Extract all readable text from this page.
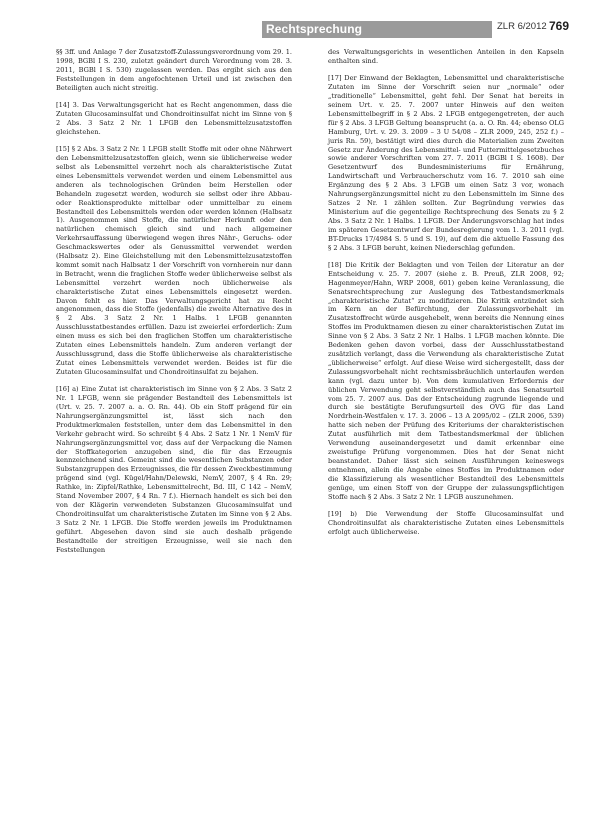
Rechtsprechung	ZLR 6/2012 769

§§ 3ff. und Anlage 7 der Zusatzstoff-Zulassungsverordnung vom 29. 1. 1998, BGBl I S. 230, zuletzt geändert durch Verordnung vom 28. 3. 2011, BGBl I S. 530) zugelassen werden. Das ergibt sich aus den Feststellungen in dem angefochtenen Urteil und ist zwischen den Beteiligten auch nicht streitig.

[14] 3. Das Verwaltungsgericht hat es Recht angenommen, dass die Zutaten Glucosaminsulfat und Chondroitinsulfat nicht im Sinne von § 2 Abs. 3 Satz 2 Nr. 1 LFGB den Lebensmittelzusatzstoffen gleichstehen.

[15] § 2 Abs. 3 Satz 2 Nr. 1 LFGB stellt Stoffe mit oder ohne Nährwert den Lebensmittelzusatzstoffen gleich, wenn sie üblicherweise weder selbst als Lebensmittel verzehrt noch als charakteristische Zutat eines Lebensmittels verwendet werden und einem Lebensmittel aus anderen als technologischen Gründen beim Herstellen oder Behandeln zugesetzt werden, wodurch sie selbst oder ihre Abbau- oder Reaktionsprodukte mittelbar oder unmittelbar zu einem Bestandteil des Lebensmittels werden oder werden können (Halbsatz 1). Ausgenommen sind Stoffe, die natürlicher Herkunft oder den natürlichen chemisch gleich sind und nach allgemeiner Verkehrsauffassung überwiegend wegen ihres Nähr-, Geruchs- oder Geschmackswertes oder als Genussmittel verwendet werden (Halbsatz 2). Eine Gleichstellung mit den Lebensmittelzusatzstoffen kommt somit nach Halbsatz 1 der Vorschrift von vornherein nur dann in Betracht, wenn die fraglichen Stoffe weder üblicherweise selbst als Lebensmittel verzehrt werden noch üblicherweise als charakteristische Zutat eines Lebensmittels eingesetzt werden. Davon fehlt es hier. Das Verwaltungsgericht hat zu Recht angenommen, dass die Stoffe (jedenfalls) die zweite Alternative des in § 2 Abs. 3 Satz 2 Nr. 1 Halbs. 1 LFGB genannten Ausschlusstatbestandes erfüllen. Dazu ist zweierlei erforderlich: Zum einen muss es sich bei den fraglichen Stoffen um charakteristische Zutaten eines Lebensmittels handeln. Zum anderen verlangt der Ausschlussgrund, dass die Stoffe üblicherweise als charakteristische Zutat eines Lebensmittels verwendet werden. Beides ist für die Zutaten Glucosaminsulfat und Chondroitinsulfat zu bejahen.

[16] a) Eine Zutat ist charakteristisch im Sinne von § 2 Abs. 3 Satz 2 Nr. 1 LFGB, wenn sie prägender Bestandteil des Lebensmittels ist (Urt. v. 25. 7. 2007 a. a. O. Rn. 44). Ob ein Stoff prägend für ein Nahrungsergänzungsmittel ist, lässt sich nach den Produktmerkmalen feststellen, unter dem das Lebensmittel in den Verkehr gebracht wird. So schreibt § 4 Abs. 2 Satz 1 Nr. 1 NemV für Nahrungsergänzungsmittel vor, dass auf der Verpackung die Namen der Stoffkategorien anzugeben sind, die für das Erzeugnis kennzeichnend sind. Gemeint sind die wesentlichen Substanzen oder Substanzgruppen des Erzeugnisses, die für dessen Zweckbestimmung prägend sind (vgl. Kügel/Hahn/Delewski, NemV, 2007, § 4 Rn. 29; Rathke, in: Zipfel/Rathke, Lebensmittelrecht, Bd. III, C 142 – NemV, Stand November 2007, § 4 Rn. 7 f.). Hiernach handelt es sich bei den von der Klägerin verwendeten Substanzen Glucosaminsulfat und Chondroitinsulfat um charakteristische Zutaten im Sinne von § 2 Abs. 3 Satz 2 Nr. 1 LFGB. Die Stoffe werden jeweils im Produktnamen geführt. Abgesehen davon sind sie auch deshalb prägende Bestandteile der streitigen Erzeugnisse, weil sie nach den Feststellungen

des Verwaltungsgerichts in wesentlichen Anteilen in den Kapseln enthalten sind.

[17] Der Einwand der Beklagten, Lebensmittel und charakteristische Zutaten im Sinne der Vorschrift seien nur „normale“ oder „traditionelle“ Lebensmittel, geht fehl. Der Senat hat bereits in seinem Urt. v. 25. 7. 2007 unter Hinweis auf den weiten Lebensmittelbegriff in § 2 Abs. 2 LFGB entgegengetreten, der auch für § 2 Abs. 3 LFGB Geltung beansprucht (a. a. O. Rn. 44; ebenso OLG Hamburg, Urt. v. 29. 3. 2009 – 3 U 54/08 – ZLR 2009, 245, 252 f.) – juris Rn. 59), bestätigt wird dies durch die Materialien zum Zweiten Gesetz zur Änderung des Lebensmittel- und Futtermittelgesetzbuches sowie anderer Vorschriften vom 27. 7. 2011 (BGBl I S. 1608). Der Gesetzentwurf des Bundesministeriums für Ernährung, Landwirtschaft und Verbraucherschutz vom 16. 7. 2010 sah eine Ergänzung des § 2 Abs. 3 LFGB um einen Satz 3 vor, wonach Nahrungsergänzungsmittel nicht zu den Lebensmitteln im Sinne des Satzes 2 Nr. 1 zählen sollten. Zur Begründung verwies das Ministerium auf die gegenteilige Rechtsprechung des Senats zu § 2 Abs. 3 Satz 2 Nr. 1 Halbs. 1 LFGB. Der Änderungsvorschlag hat indes im späteren Gesetzentwurf der Bundesregierung vom 1. 3. 2011 (vgl. BT-Drucks 17/4984 S. 5 und S. 19), auf dem die aktuelle Fassung des § 2 Abs. 3 LFGB beruht, keinen Niederschlag gefunden.

[18] Die Kritik der Beklagten und von Teilen der Literatur an der Entscheidung v. 25. 7. 2007 (siehe z. B. Preuß, ZLR 2008, 92; Hagenmeyer/Hahn, WRP 2008, 601) geben keine Veranlassung, die Senatsrechtsprechung zur Auslegung des Tatbestandsmerkmals „charakteristische Zutat“ zu modifizieren. Die Kritik entzündet sich im Kern an der Befürchtung, der Zulassungsvorbehalt im Zusatzstoffrecht würde ausgehebelt, wenn bereits die Nennung eines Stoffes im Produktnamen diesen zu einer charakteristischen Zutat im Sinne von § 2 Abs. 3 Satz 2 Nr. 1 Halbs. 1 LFGB machen könnte. Die Bedenken gehen davon vorbei, dass der Ausschlusstatbestand zusätzlich verlangt, dass die Verwendung als charakteristische Zutat „üblicherweise“ erfolgt. Auf diese Weise wird sichergestellt, dass der Zulassungsvorbehalt nicht rechtsmissbräuchlich unterlaufen werden kann (vgl. dazu unter b). Von dem kumulativen Erfordernis der üblichen Verwendung geht selbstverständlich auch das Senatsurteil vom 25. 7. 2007 aus. Das der Entscheidung zugrunde liegende und durch sie bestätigte Berufungsurteil des OVG für das Land Nordrhein-Westfalen v. 17. 3. 2006 – 13 A 2095/02 – (ZLR 2006, 539) hatte sich neben der Prüfung des Kriteriums der charakteristischen Zutat ausführlich mit dem Tatbestandsmerkmal der üblichen Verwendung auseinandergesetzt und damit erkennbar eine zweistufige Prüfung vorgenommen. Dies hat der Senat nicht beanstandet. Daher lässt sich seinen Ausführungen keineswegs entnehmen, allein die Angabe eines Stoffes im Produktnamen oder die Klassifizierung als wesentlicher Bestandteil des Lebensmittels genüge, um einen Stoff von der Gruppe der zulassungspflichtigen Stoffe nach § 2 Abs. 3 Satz 2 Nr. 1 LFGB auszunehmen.

[19] b) Die Verwendung der Stoffe Glucosaminsulfat und Chondroitinsulfat als charakteristische Zutaten eines Lebensmittels erfolgt auch üblicherweise.
